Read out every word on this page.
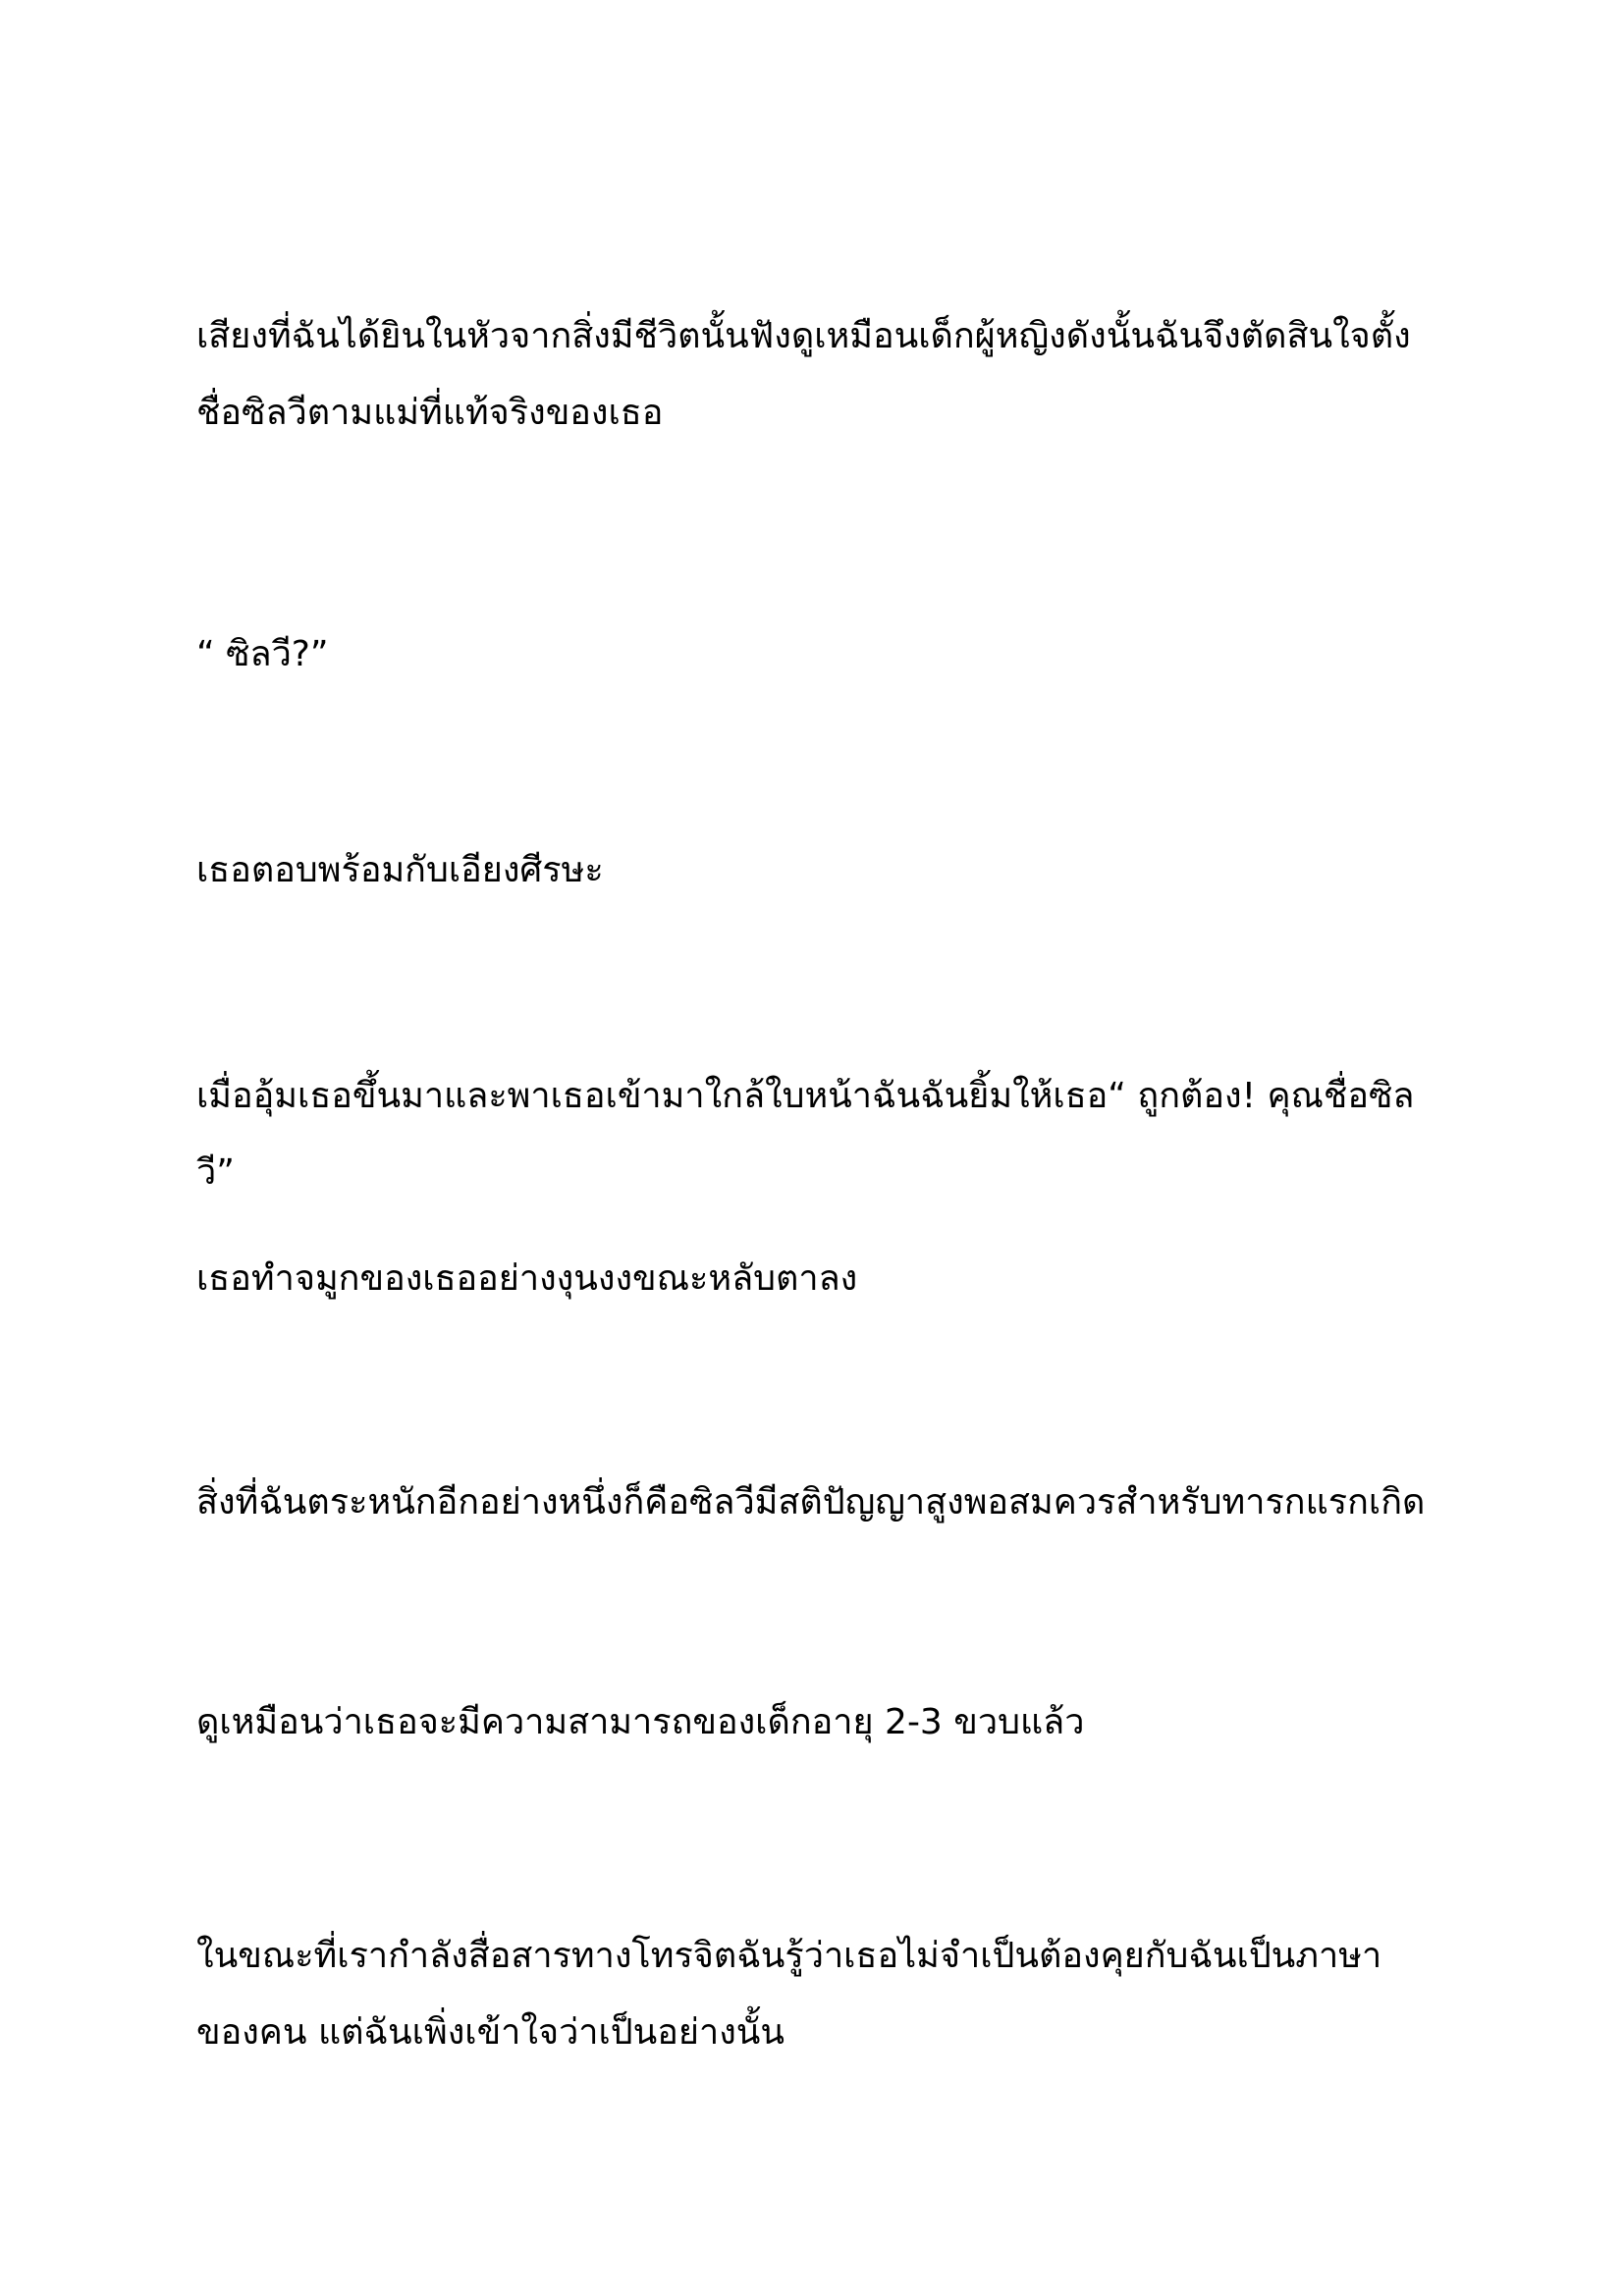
เสียงที่ฉันได้ยินในหัวจากสิ่งมีชีวิตนั้นฟังดูเหมือนเด็กผู้หญิงดังนั้นฉันจึงตัดสินใจตั้งชื่อซิลวีตามแม่ที่แท้จริงของเธอ

“ ซิลวี?”

เธอตอบพร้อมกับเอียงศีรษะ

เมื่ออุ้มเธอขึ้นมาและพาเธอเข้ามาใกล้ใบหน้าฉันฉันยิ้มให้เธอ“ ถูกต้อง! คุณชื่อซิลวี”

เธอทำจมูกของเธออย่างงุนงงขณะหลับตาลง

สิ่งที่ฉันตระหนักอีกอย่างหนึ่งก็คือซิลวีมีสติปัญญาสูงพอสมควรสำหรับทารกแรกเกิด

ดูเหมือนว่าเธอจะมีความสามารถของเด็กอายุ 2-3 ขวบแล้ว

ในขณะที่เรากำลังสื่อสารทางโทรจิตฉันรู้ว่าเธอไม่จำเป็นต้องคุยกับฉันเป็นภาษาของคน แต่ฉันเพิ่งเข้าใจว่าเป็นอย่างนั้น
